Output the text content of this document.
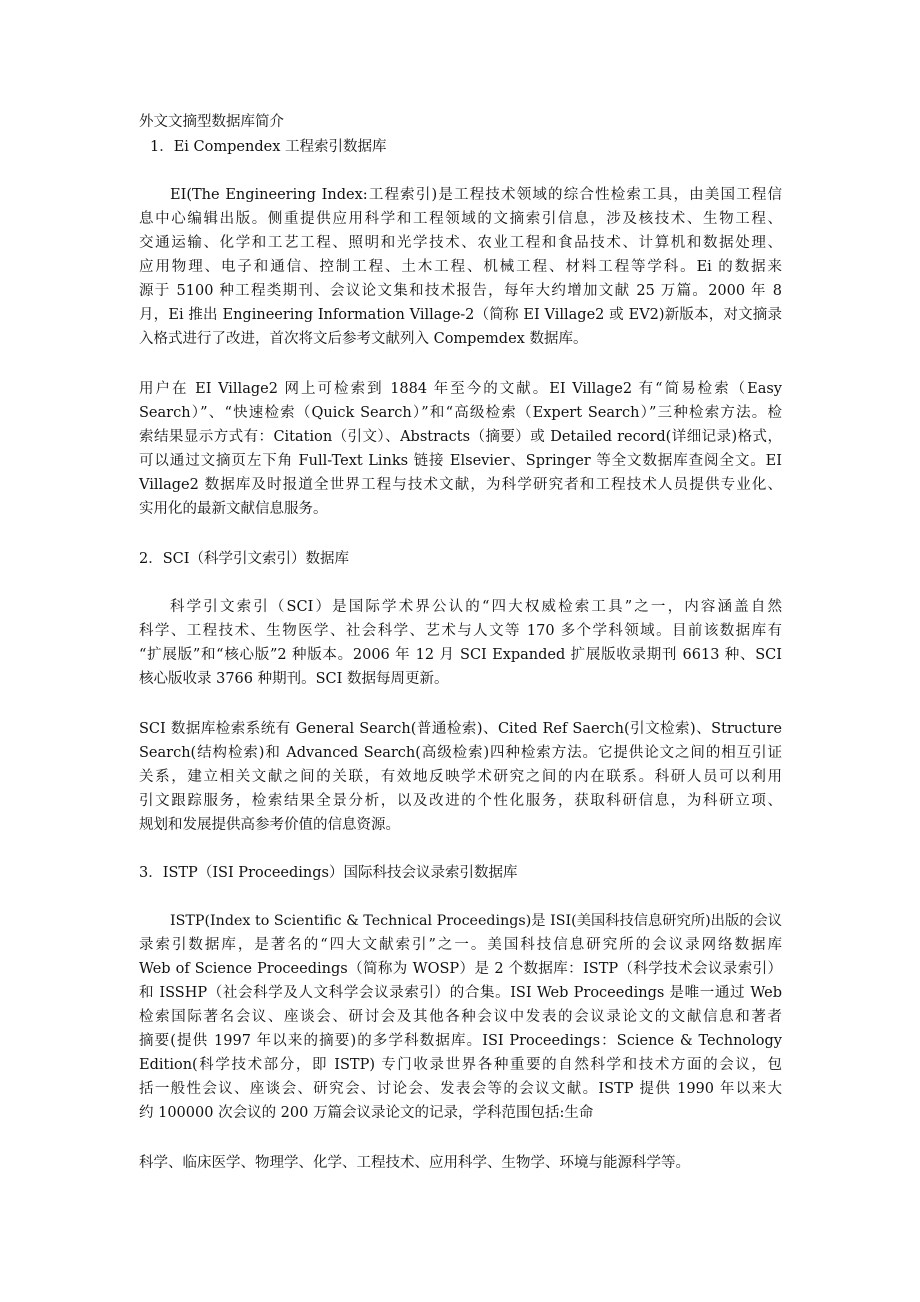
外文文摘型数据库简介
1．Ei Compendex 工程索引数据库
EI(The Engineering Index:工程索引)是工程技术领域的综合性检索工具，由美国工程信
息中心编辑出版。侧重提供应用科学和工程领域的文摘索引信息，涉及核技术、生物工程、
交通运输、化学和工艺工程、照明和光学技术、农业工程和食品技术、计算机和数据处理、
应用物理、电子和通信、控制工程、土木工程、机械工程、材料工程等学科。Ei 的数据来
源于 5100 种工程类期刊、会议论文集和技术报告，每年大约增加文献 25 万篇。2000 年 8
月，Ei 推出 Engineering Information Village-2（简称 EI Village2 或 EV2)新版本，对文摘录
入格式进行了改进，首次将文后参考文献列入 Compemdex 数据库。
用户在 EI Village2 网上可检索到 1884 年至今的文献。EI Village2 有“简易检索（Easy
Search）”、“快速检索（Quick Search）”和“高级检索（Expert Search）”三种检索方法。检
索结果显示方式有：Citation（引文）、Abstracts（摘要）或 Detailed record(详细记录)格式，
可以通过文摘页左下角 Full-Text Links 链接 Elsevier、Springer 等全文数据库查阅全文。EI
Village2 数据库及时报道全世界工程与技术文献，为科学研究者和工程技术人员提供专业化、
实用化的最新文献信息服务。
2．SCI（科学引文索引）数据库
科学引文索引（SCI）是国际学术界公认的“四大权威检索工具”之一，内容涵盖自然
科学、工程技术、生物医学、社会科学、艺术与人文等 170 多个学科领域。目前该数据库有
“扩展版”和“核心版”2 种版本。2006 年 12 月 SCI Expanded 扩展版收录期刊 6613 种、SCI
核心版收录 3766 种期刊。SCI 数据每周更新。
SCI 数据库检索系统有 General Search(普通检索)、Cited Ref Saerch(引文检索)、Structure
Search(结构检索)和 Advanced Search(高级检索)四种检索方法。它提供论文之间的相互引证
关系，建立相关文献之间的关联，有效地反映学术研究之间的内在联系。科研人员可以利用
引文跟踪服务，检索结果全景分析，以及改进的个性化服务，获取科研信息，为科研立项、
规划和发展提供高参考价值的信息资源。
3．ISTP（ISI Proceedings）国际科技会议录索引数据库
ISTP(Index to Scientific & Technical Proceedings)是 ISI(美国科技信息研究所)出版的会议
录索引数据库，是著名的“四大文献索引”之一。美国科技信息研究所的会议录网络数据库
Web of Science Proceedings（简称为 WOSP）是 2 个数据库：ISTP（科学技术会议录索引）
和 ISSHP（社会科学及人文科学会议录索引）的合集。ISI Web Proceedings 是唯一通过 Web
检索国际著名会议、座谈会、研讨会及其他各种会议中发表的会议录论文的文献信息和著者
摘要(提供 1997 年以来的摘要)的多学科数据库。ISI Proceedings：Science & Technology
Edition(科学技术部分，即 ISTP) 专门收录世界各种重要的自然科学和技术方面的会议，包
括一般性会议、座谈会、研究会、讨论会、发表会等的会议文献。ISTP 提供 1990 年以来大
约 100000 次会议的 200 万篇会议录论文的记录，学科范围包括:生命
科学、临床医学、物理学、化学、工程技术、应用科学、生物学、环境与能源科学等。
